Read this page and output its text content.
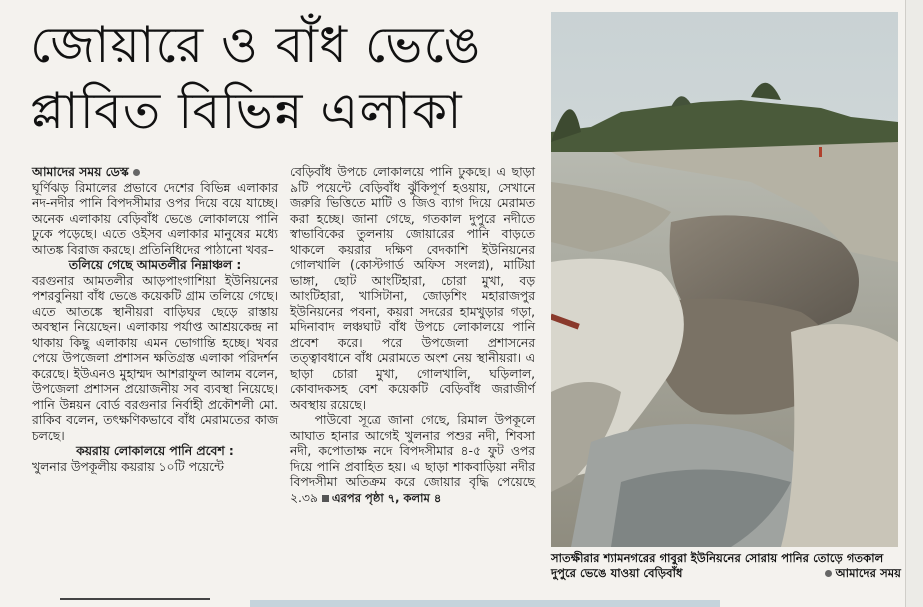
জোয়ারে ও বাঁধ ভেঙে
প্লাবিত বিভিন্ন এলাকা

আমাদের সময় ডেস্ক

ঘূর্ণিঝড় রিমালের প্রভাবে দেশের বিভিন্ন এলাকার নদ-নদীর পানি বিপদসীমার ওপর দিয়ে বয়ে যাচ্ছে। অনেক এলাকায় বেড়িবাঁধ ভেঙে লোকালয়ে পানি ঢুকে পড়েছে। এতে ওইসব এলাকার মানুষের মধ্যে আতঙ্ক বিরাজ করছে। প্রতিনিধিদের পাঠানো খবর–

তলিয়ে গেছে আমতলীর নিম্নাঞ্চল :

বরগুনার আমতলীর আড়পাংগাশিয়া ইউনিয়নের পশরবুনিয়া বাঁধ ভেঙে কয়েকটি গ্রাম তলিয়ে গেছে। এতে আতঙ্কে স্থানীয়রা বাড়িঘর ছেড়ে রাস্তায় অবস্থান নিয়েছেন। এলাকায় পর্যাপ্ত আশ্রয়কেন্দ্র না থাকায় কিছু এলাকায় এমন ভোগান্তি হচ্ছে। খবর পেয়ে উপজেলা প্রশাসন ক্ষতিগ্রস্ত এলাকা পরিদর্শন করেছে। ইউএনও মুহাম্মদ আশরাফুল আলম বলেন, উপজেলা প্রশাসন প্রয়োজনীয় সব ব্যবস্থা নিয়েছে। পানি উন্নয়ন বোর্ড বরগুনার নির্বাহী প্রকৌশলী মো. রাকিব বলেন, তৎক্ষণিকভাবে বাঁধ মেরামতের কাজ চলছে।

কয়রায় লোকালয়ে পানি প্রবেশ :

খুলনার উপকূলীয় কয়রায় ১০টি পয়েন্টে

বেড়িবাঁধ উপচে লোকালয়ে পানি ঢুকছে। এ ছাড়া ৯টি পয়েন্টে বেড়িবাঁধ ঝুঁকিপূর্ণ হওয়ায়, সেখানে জরুরি ভিত্তিতে মাটি ও জিও ব্যাগ দিয়ে মেরামত করা হচ্ছে। জানা গেছে, গতকাল দুপুরে নদীতে স্বাভাবিকের তুলনায় জোয়ারের পানি বাড়তে থাকলে কয়রার দক্ষিণ বেদকাশি ইউনিয়নের গোলখালি (কোস্টগার্ড অফিস সংলগ্ন), মাটিয়া ভাঙ্গা, ছোট আংটিহারা, চোরা মুখা, বড় আংটিহারা, খাসিটানা, জোড়শিং মহারাজপুর ইউনিয়নের পবনা, কয়রা সদরের হামখুড়ার গড়া, মদিনাবাদ লঞ্চঘাট বাঁধ উপচে লোকালয়ে পানি প্রবেশ করে। পরে উপজেলা প্রশাসনের তত্ত্বাবধানে বাঁধ মেরামতে অংশ নেয় স্থানীয়রা। এ ছাড়া চোরা মুখা, গোলখালি, ঘড়িলাল, কোবাদকসহ বেশ কয়েকটি বেড়িবাঁধ জরাজীর্ণ অবস্থায় রয়েছে।

পাউবো সূত্রে জানা গেছে, রিমাল উপকূলে আঘাত হানার আগেই খুলনার পশুর নদী, শিবসা নদী, কপোতাক্ষ নদে বিপদসীমার ৪-৫ ফুট ওপর দিয়ে পানি প্রবাহিত হয়। এ ছাড়া শাকবাড়িয়া নদীর বিপদসীমা অতিক্রম করে জোয়ার বৃদ্ধি পেয়েছে ২.৩৯ এরপর পৃষ্ঠা ৭, কলাম ৪

সাতক্ষীরার শ্যামনগরের গাবুরা ইউনিয়নের সোরায় পানির তোড়ে গতকাল দুপুরে ভেঙে যাওয়া বেড়িবাঁধ	আমাদের সময়
